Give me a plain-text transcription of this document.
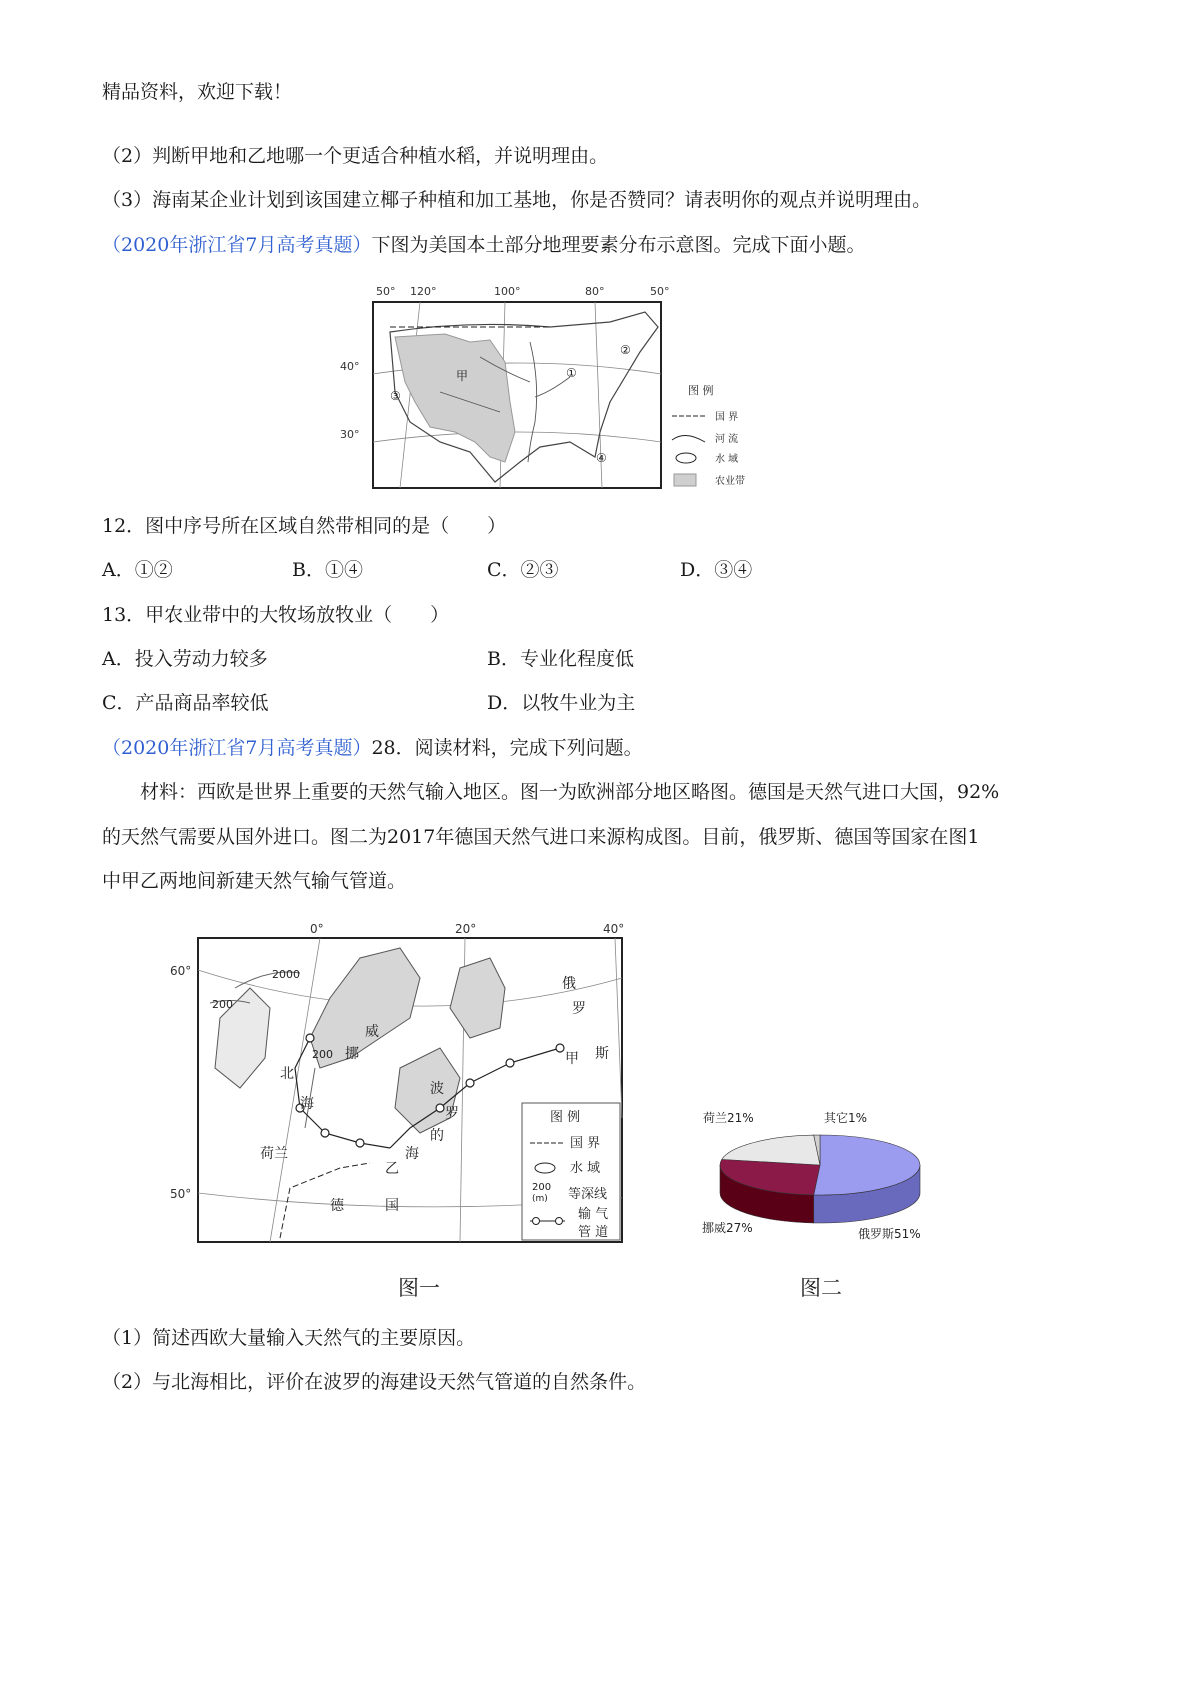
精品资料，欢迎下载！
（2）判断甲地和乙地哪一个更适合种植水稻，并说明理由。
（3）海南某企业计划到该国建立椰子种植和加工基地，你是否赞同？请表明你的观点并说明理由。
（2020年浙江省7月高考真题）下图为美国本土部分地理要素分布示意图。完成下面小题。
50° 120°	100°	80°	50°
40°
30°
甲	①
②
③
④
图 例
国 界
河 流
水 域
农业带
12．图中序号所在区域自然带相同的是（　　）
A．①②	B．①④	C．②③	D．③④
13．甲农业带中的大牧场放牧业（　　）
A．投入劳动力较多	B．专业化程度低
C．产品商品率较低	D．以牧牛业为主
（2020年浙江省7月高考真题）28．阅读材料，完成下列问题。
材料：西欧是世界上重要的天然气输入地区。图一为欧洲部分地区略图。德国是天然气进口大国，92%
的天然气需要从国外进口。图二为2017年德国天然气进口来源构成图。目前，俄罗斯、德国等国家在图1
中甲乙两地间新建天然气输气管道。
0°	20°	40°
60°
50°
2000
200
200
北
海
挪
威
俄
罗
斯
波
罗
的
海
荷兰
德	国
甲
乙
图 例
国 界
水 域
200
(m) 等深线
输 气
管 道
荷兰21%	其它1%
挪威27%	俄罗斯51%
图一	图二
（1）简述西欧大量输入天然气的主要原因。
（2）与北海相比，评价在波罗的海建设天然气管道的自然条件。
